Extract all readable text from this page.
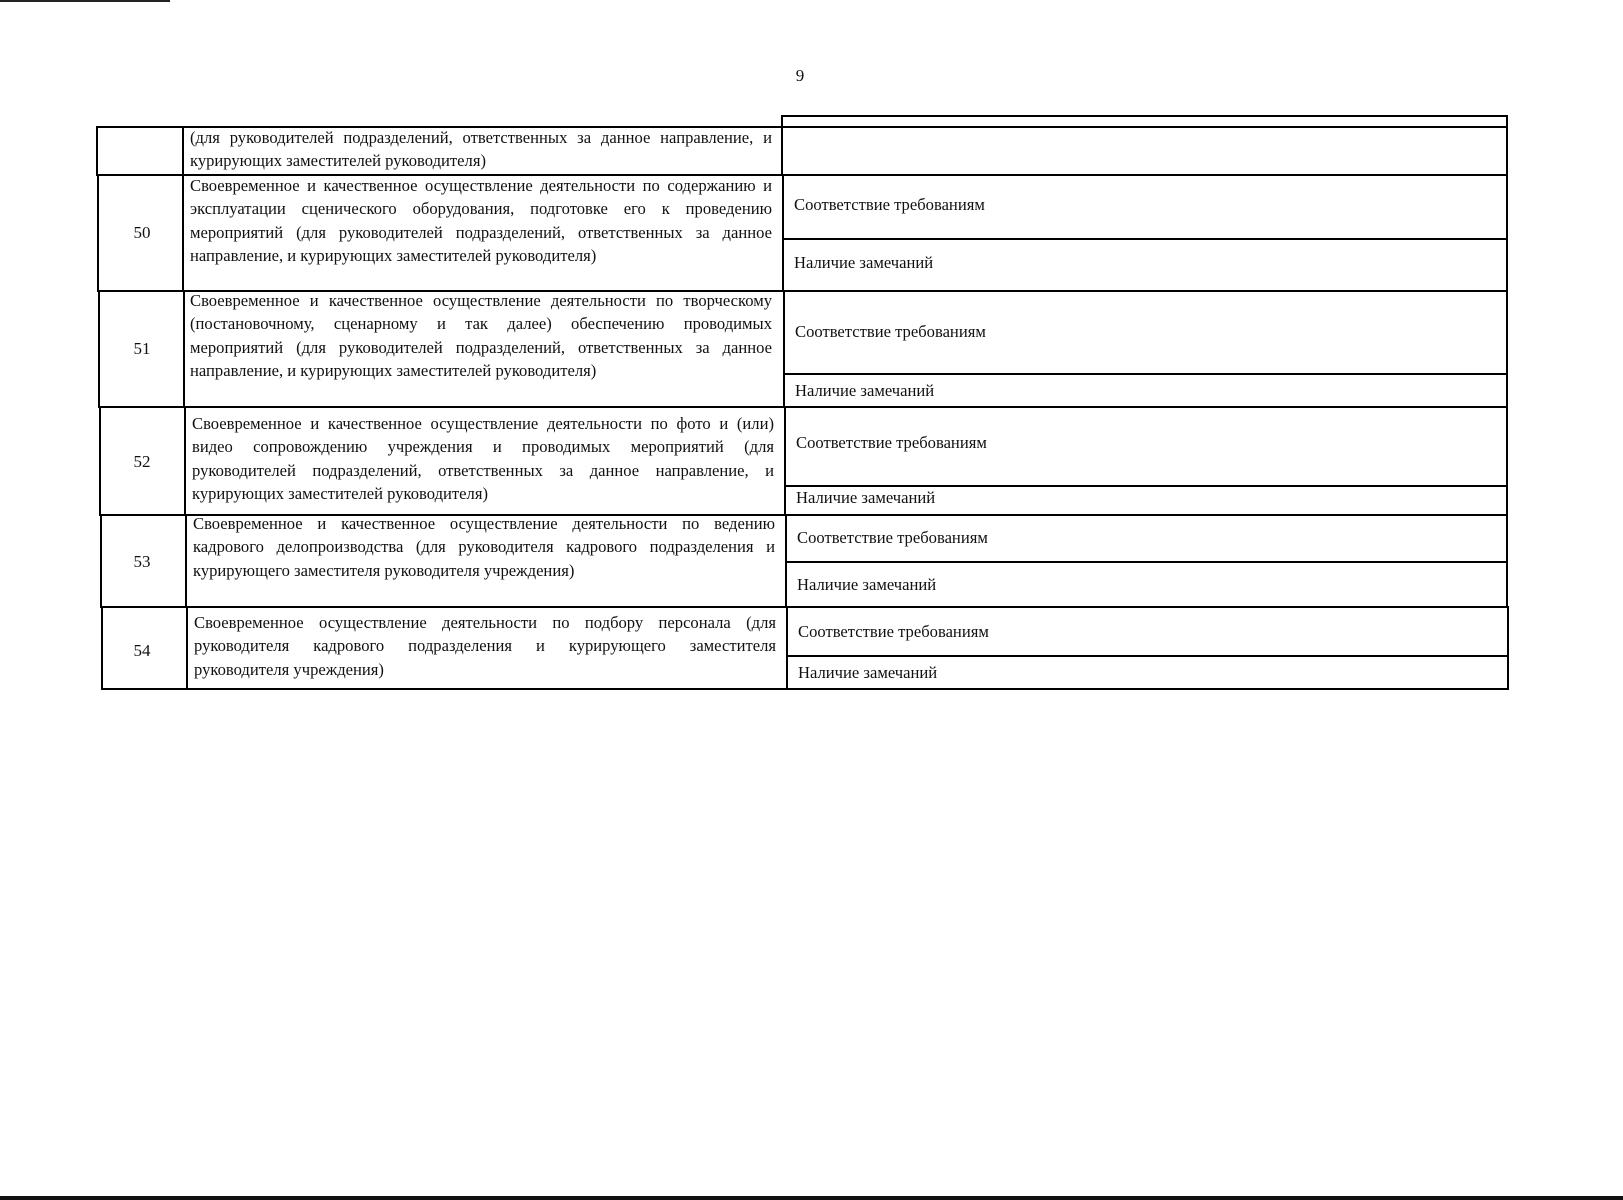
9
(для руководителей подразделений, ответственных за данное направление, и курирующих заместителей руководителя)
50
Своевременное и качественное осуществление деятельности по содержанию и эксплуатации сценического оборудования, подготовке его к проведению мероприятий (для руководителей подразделений, ответственных за данное направление, и курирующих заместителей руководителя)
Соответствие требованиям
Наличие замечаний
51
Своевременное и качественное осуществление деятельности по творческому (постановочному, сценарному и так далее) обеспечению проводимых мероприятий (для руководителей подразделений, ответственных за данное направление, и курирующих заместителей руководителя)
Соответствие требованиям
Наличие замечаний
52
Своевременное и качественное осуществление деятельности по фото и (или) видео сопровождению учреждения и проводимых мероприятий (для руководителей подразделений, ответственных за данное направление, и курирующих заместителей руководителя)
Соответствие требованиям
Наличие замечаний
53
Своевременное и качественное осуществление деятельности по ведению кадрового делопроизводства (для руководителя кадрового подразделения и курирующего заместителя руководителя учреждения)
Соответствие требованиям
Наличие замечаний
54
Своевременное осуществление деятельности по подбору персонала (для руководителя кадрового подразделения и курирующего заместителя руководителя учреждения)
Соответствие требованиям
Наличие замечаний
